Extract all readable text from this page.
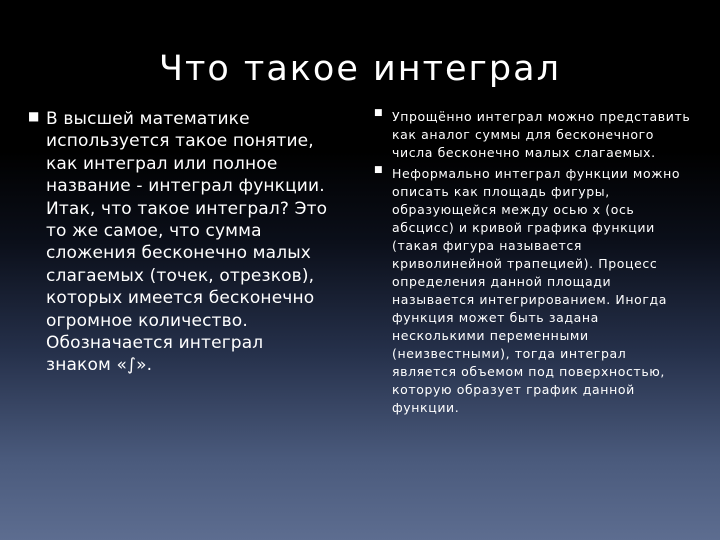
Что такое интеграл
■ В высшей математике используется такое понятие, как интеграл или полное название - интеграл функции. Итак, что такое интеграл? Это то же самое, что сумма сложения бесконечно малых слагаемых (точек, отрезков), которых имеется бесконечно огромное количество. Обозначается интеграл знаком «∫».
■ Упрощённо интеграл можно представить как аналог суммы для бесконечного числа бесконечно малых слагаемых.
■ Неформально интеграл функции можно описать как площадь фигуры, образующейся между осью х (ось абсцисс) и кривой графика функции (такая фигура называется криволинейной трапецией). Процесс определения данной площади называется интегрированием. Иногда функция может быть задана несколькими переменными (неизвестными), тогда интеграл является объемом под поверхностью, которую образует график данной функции.
